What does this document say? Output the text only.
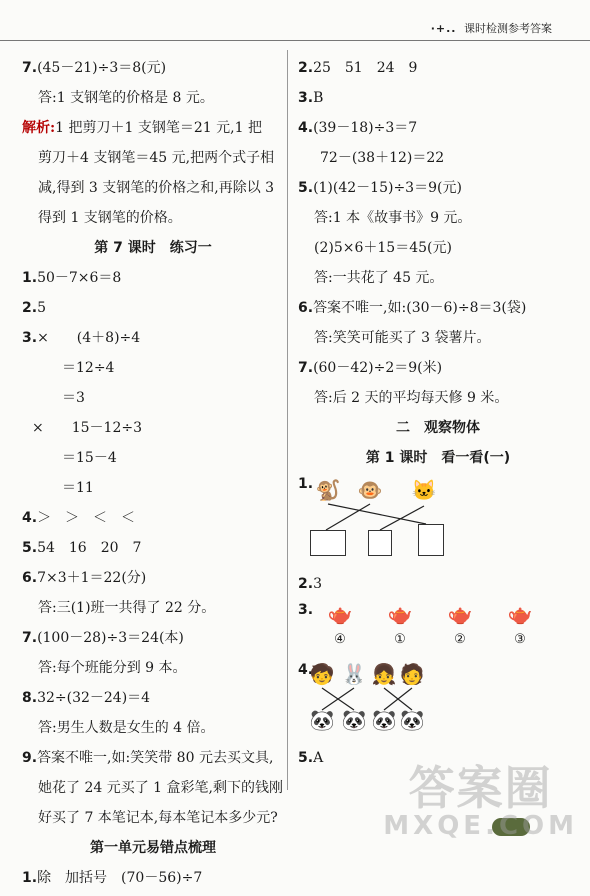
·+.. 课时检测参考答案
7.(45－21)÷3＝8(元)
答:1 支钢笔的价格是 8 元。
解析:1 把剪刀＋1 支钢笔＝21 元,1 把
剪刀＋4 支钢笔＝45 元,把两个式子相
减,得到 3 支钢笔的价格之和,再除以 3
得到 1 支钢笔的价格。
第 7 课时　练习一
1.50－7×6＝8
2.5
3.×　　(4＋8)÷4
＝12÷4
＝3
×　　15－12÷3
＝15－4
＝11
4.＞　＞　＜　＜
5.54　16　20　7
6.7×3＋1＝22(分)
答:三(1)班一共得了 22 分。
7.(100－28)÷3＝24(本)
答:每个班能分到 9 本。
8.32÷(32－24)＝4
答:男生人数是女生的 4 倍。
9.答案不唯一,如:笑笑带 80 元去买文具,
她花了 24 元买了 1 盒彩笔,剩下的钱刚
好买了 7 本笔记本,每本笔记本多少元?
第一单元易错点梳理
1.除　加括号　(70－56)÷7
2.25　51　24　9
3.B
4.(39－18)÷3＝7
72－(38＋12)＝22
5.(1)(42－15)÷3＝9(元)
答:1 本《故事书》9 元。
(2)5×6＋15＝45(元)
答:一共花了 45 元。
6.答案不唯一,如:(30－6)÷8＝3(袋)
答:笑笑可能买了 3 袋薯片。
7.(60－42)÷2＝9(米)
答:后 2 天的平均每天修 9 米。
二　观察物体
第 1 课时　看一看(一)
1. 🐒 🐵 🐱
2.3
3. 🫖
④
🫖
①
🫖
②
🫖
③
4.
🧒 🐰 👧 🧑
🐼 🐼 🐼 🐼
5.A
答案圈
MXQE.COM
